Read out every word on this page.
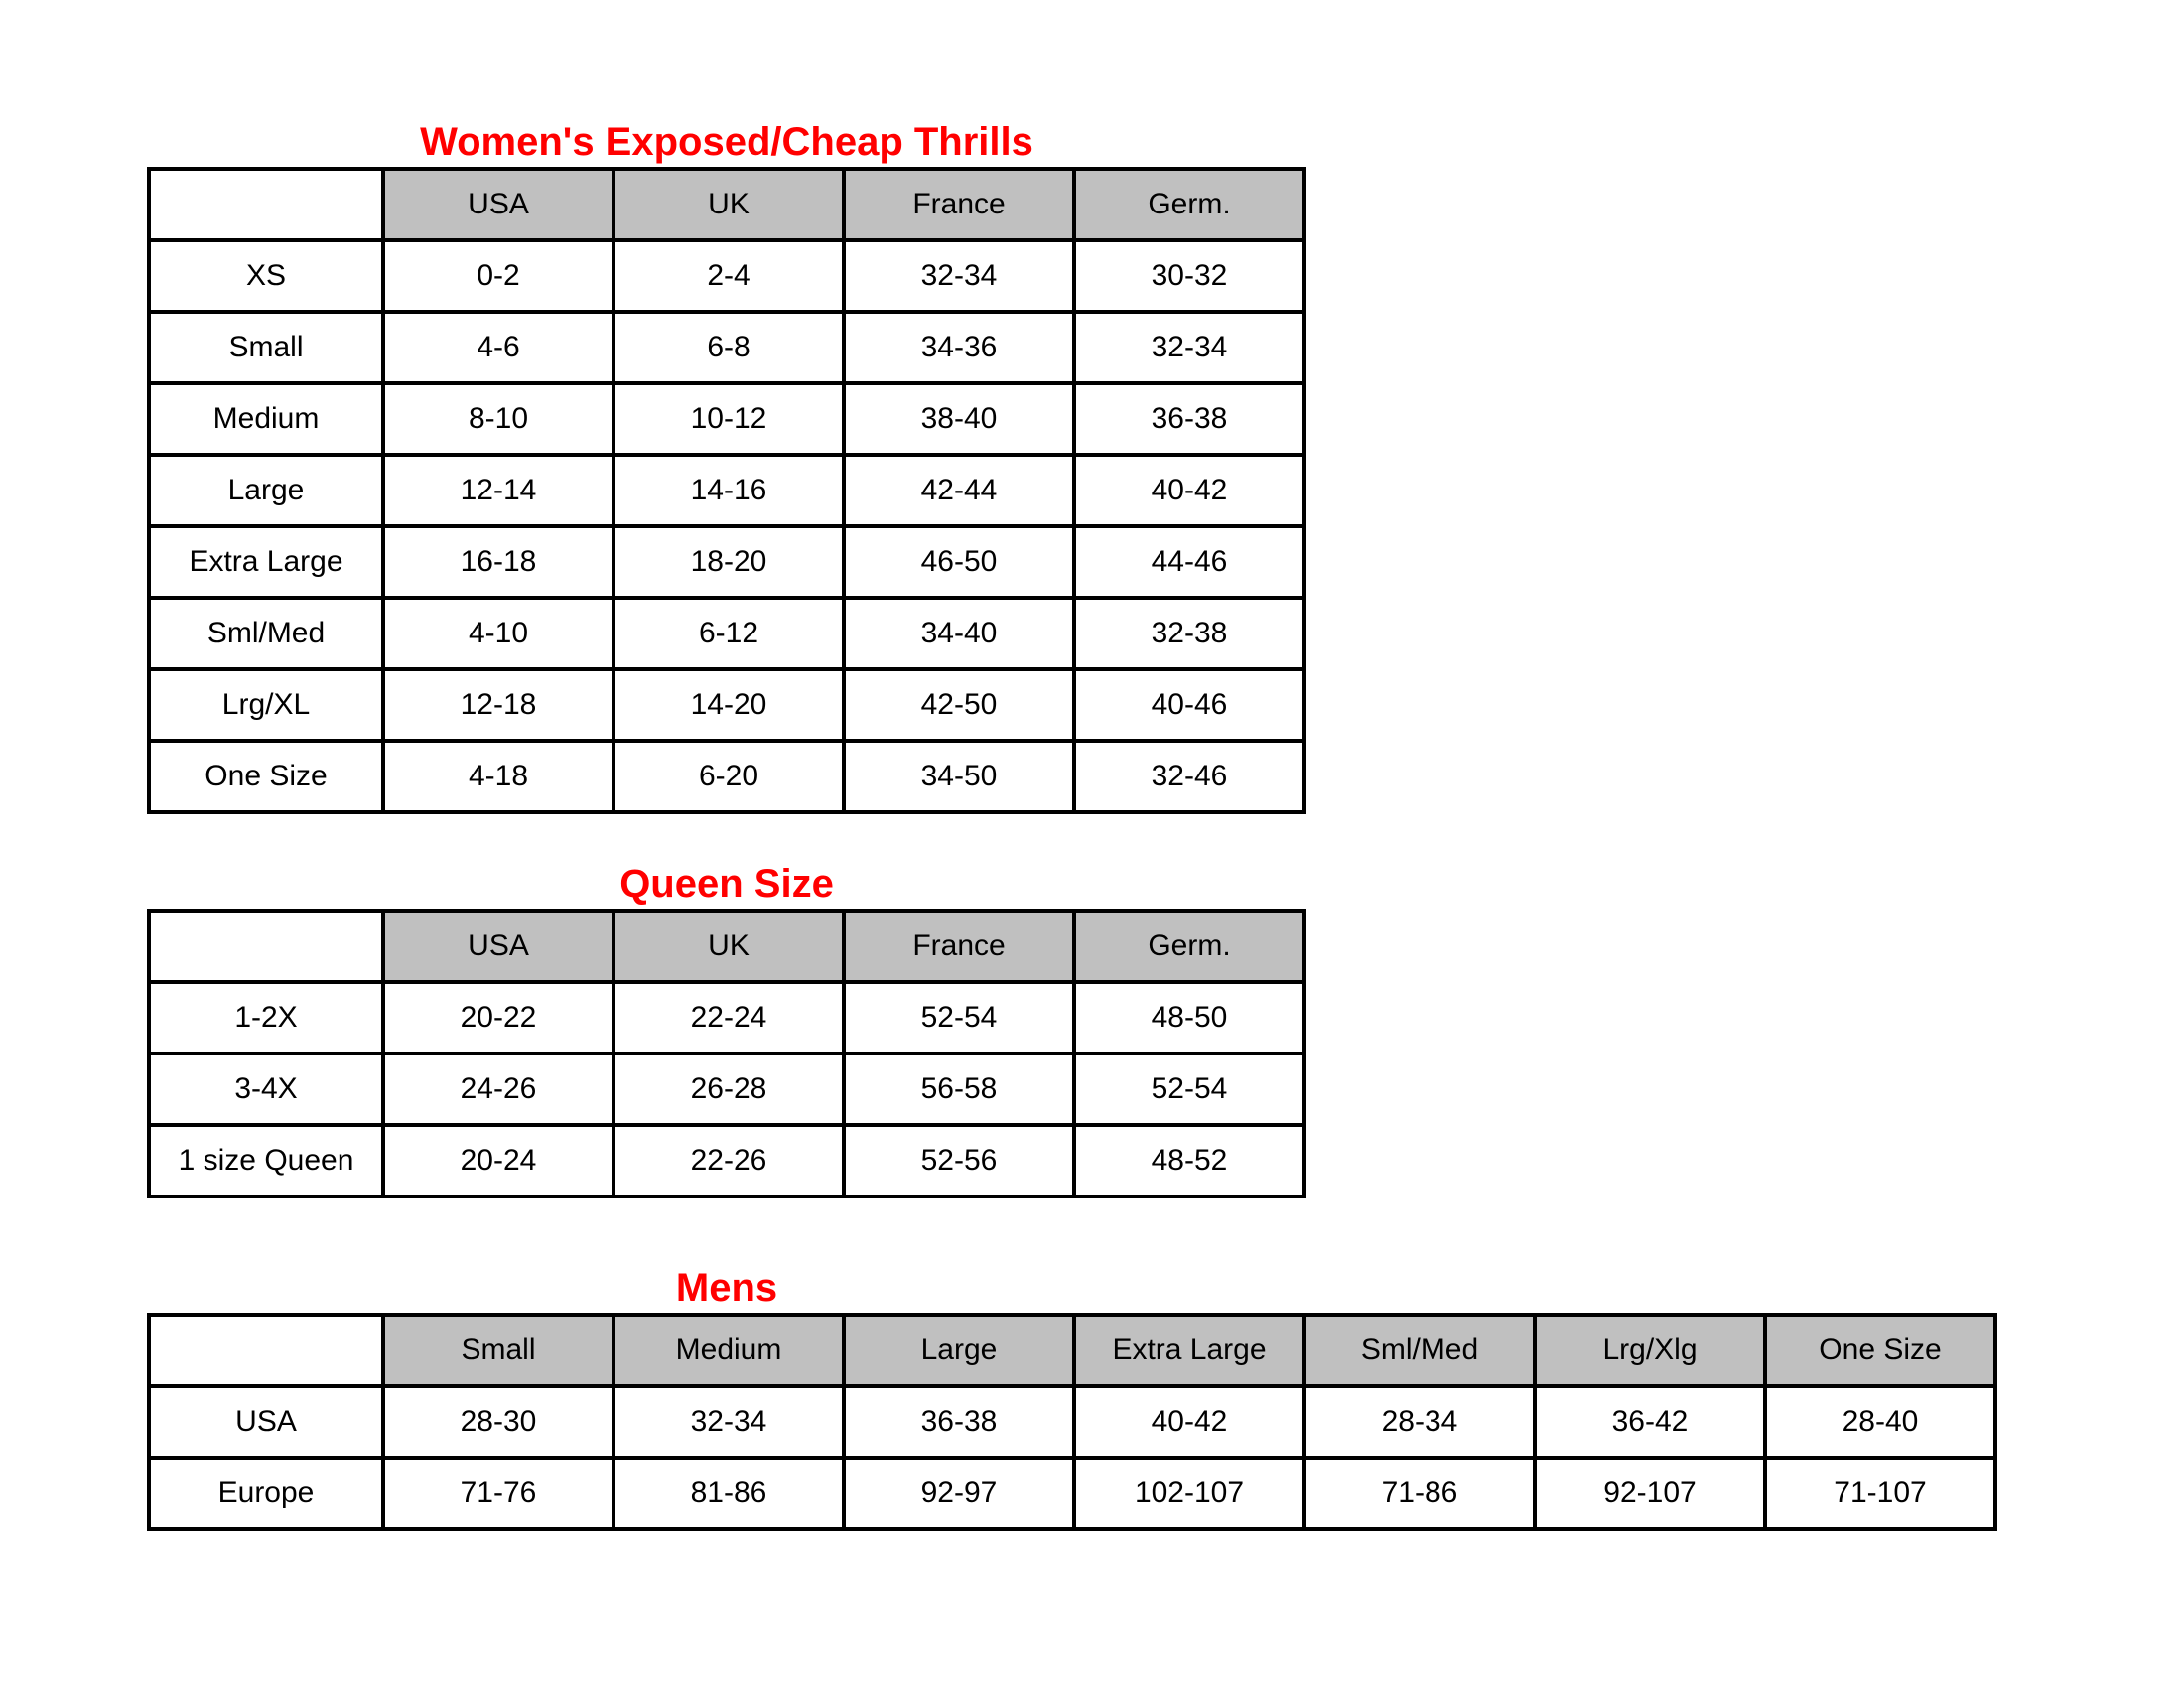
Women's Exposed/Cheap Thrills
	USA	UK	France	Germ.
XS	0-2	2-4	32-34	30-32
Small	4-6	6-8	34-36	32-34
Medium	8-10	10-12	38-40	36-38
Large	12-14	14-16	42-44	40-42
Extra Large	16-18	18-20	46-50	44-46
Sml/Med	4-10	6-12	34-40	32-38
Lrg/XL	12-18	14-20	42-50	40-46
One Size	4-18	6-20	34-50	32-46
Queen Size
	USA	UK	France	Germ.
1-2X	20-22	22-24	52-54	48-50
3-4X	24-26	26-28	56-58	52-54
1 size Queen	20-24	22-26	52-56	48-52
Mens
	Small	Medium	Large	Extra Large	Sml/Med	Lrg/Xlg	One Size
USA	28-30	32-34	36-38	40-42	28-34	36-42	28-40
Europe	71-76	81-86	92-97	102-107	71-86	92-107	71-107
